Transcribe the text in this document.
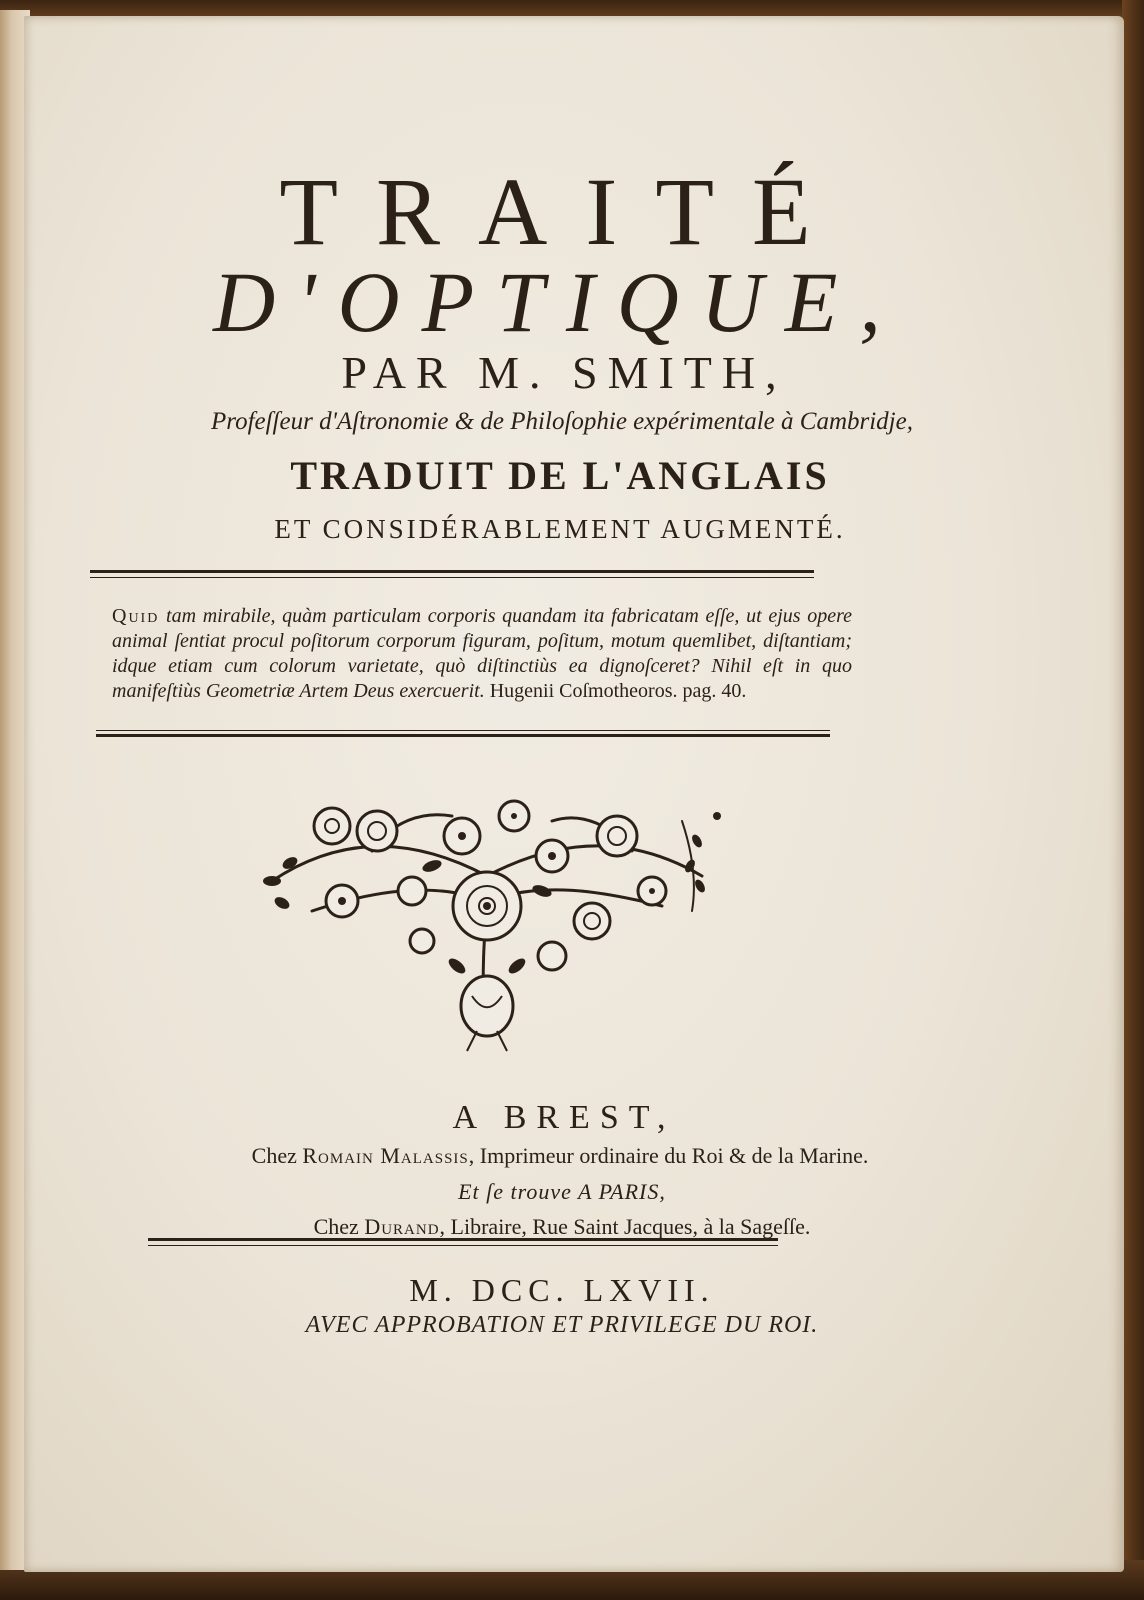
TRAITÉ
D'OPTIQUE,
PAR M. SMITH,
Profeſſeur d'Aſtronomie & de Philoſophie expérimentale à Cambridje,
TRADUIT DE L'ANGLAIS
ET CONSIDÉRABLEMENT AUGMENTÉ.
Quid tam mirabile, quàm particulam corporis quandam ita fabricatam eſſe, ut ejus opere animal ſentiat procul poſitorum corporum figuram, poſitum, motum quemlibet, diſtantiam; idque etiam cum colorum varietate, quò diſtinctiùs ea dignoſceret? Nihil eſt in quo manifeſtiùs Geometriæ Artem Deus exercuerit. Hugenii Coſmotheoros. pag. 40.
A BREST,
Chez Romain Malassis, Imprimeur ordinaire du Roi & de la Marine.
Et ſe trouve A PARIS,
Chez Durand, Libraire, Rue Saint Jacques, à la Sageſſe.
M. DCC. LXVII.
AVEC APPROBATION ET PRIVILEGE DU ROI.
